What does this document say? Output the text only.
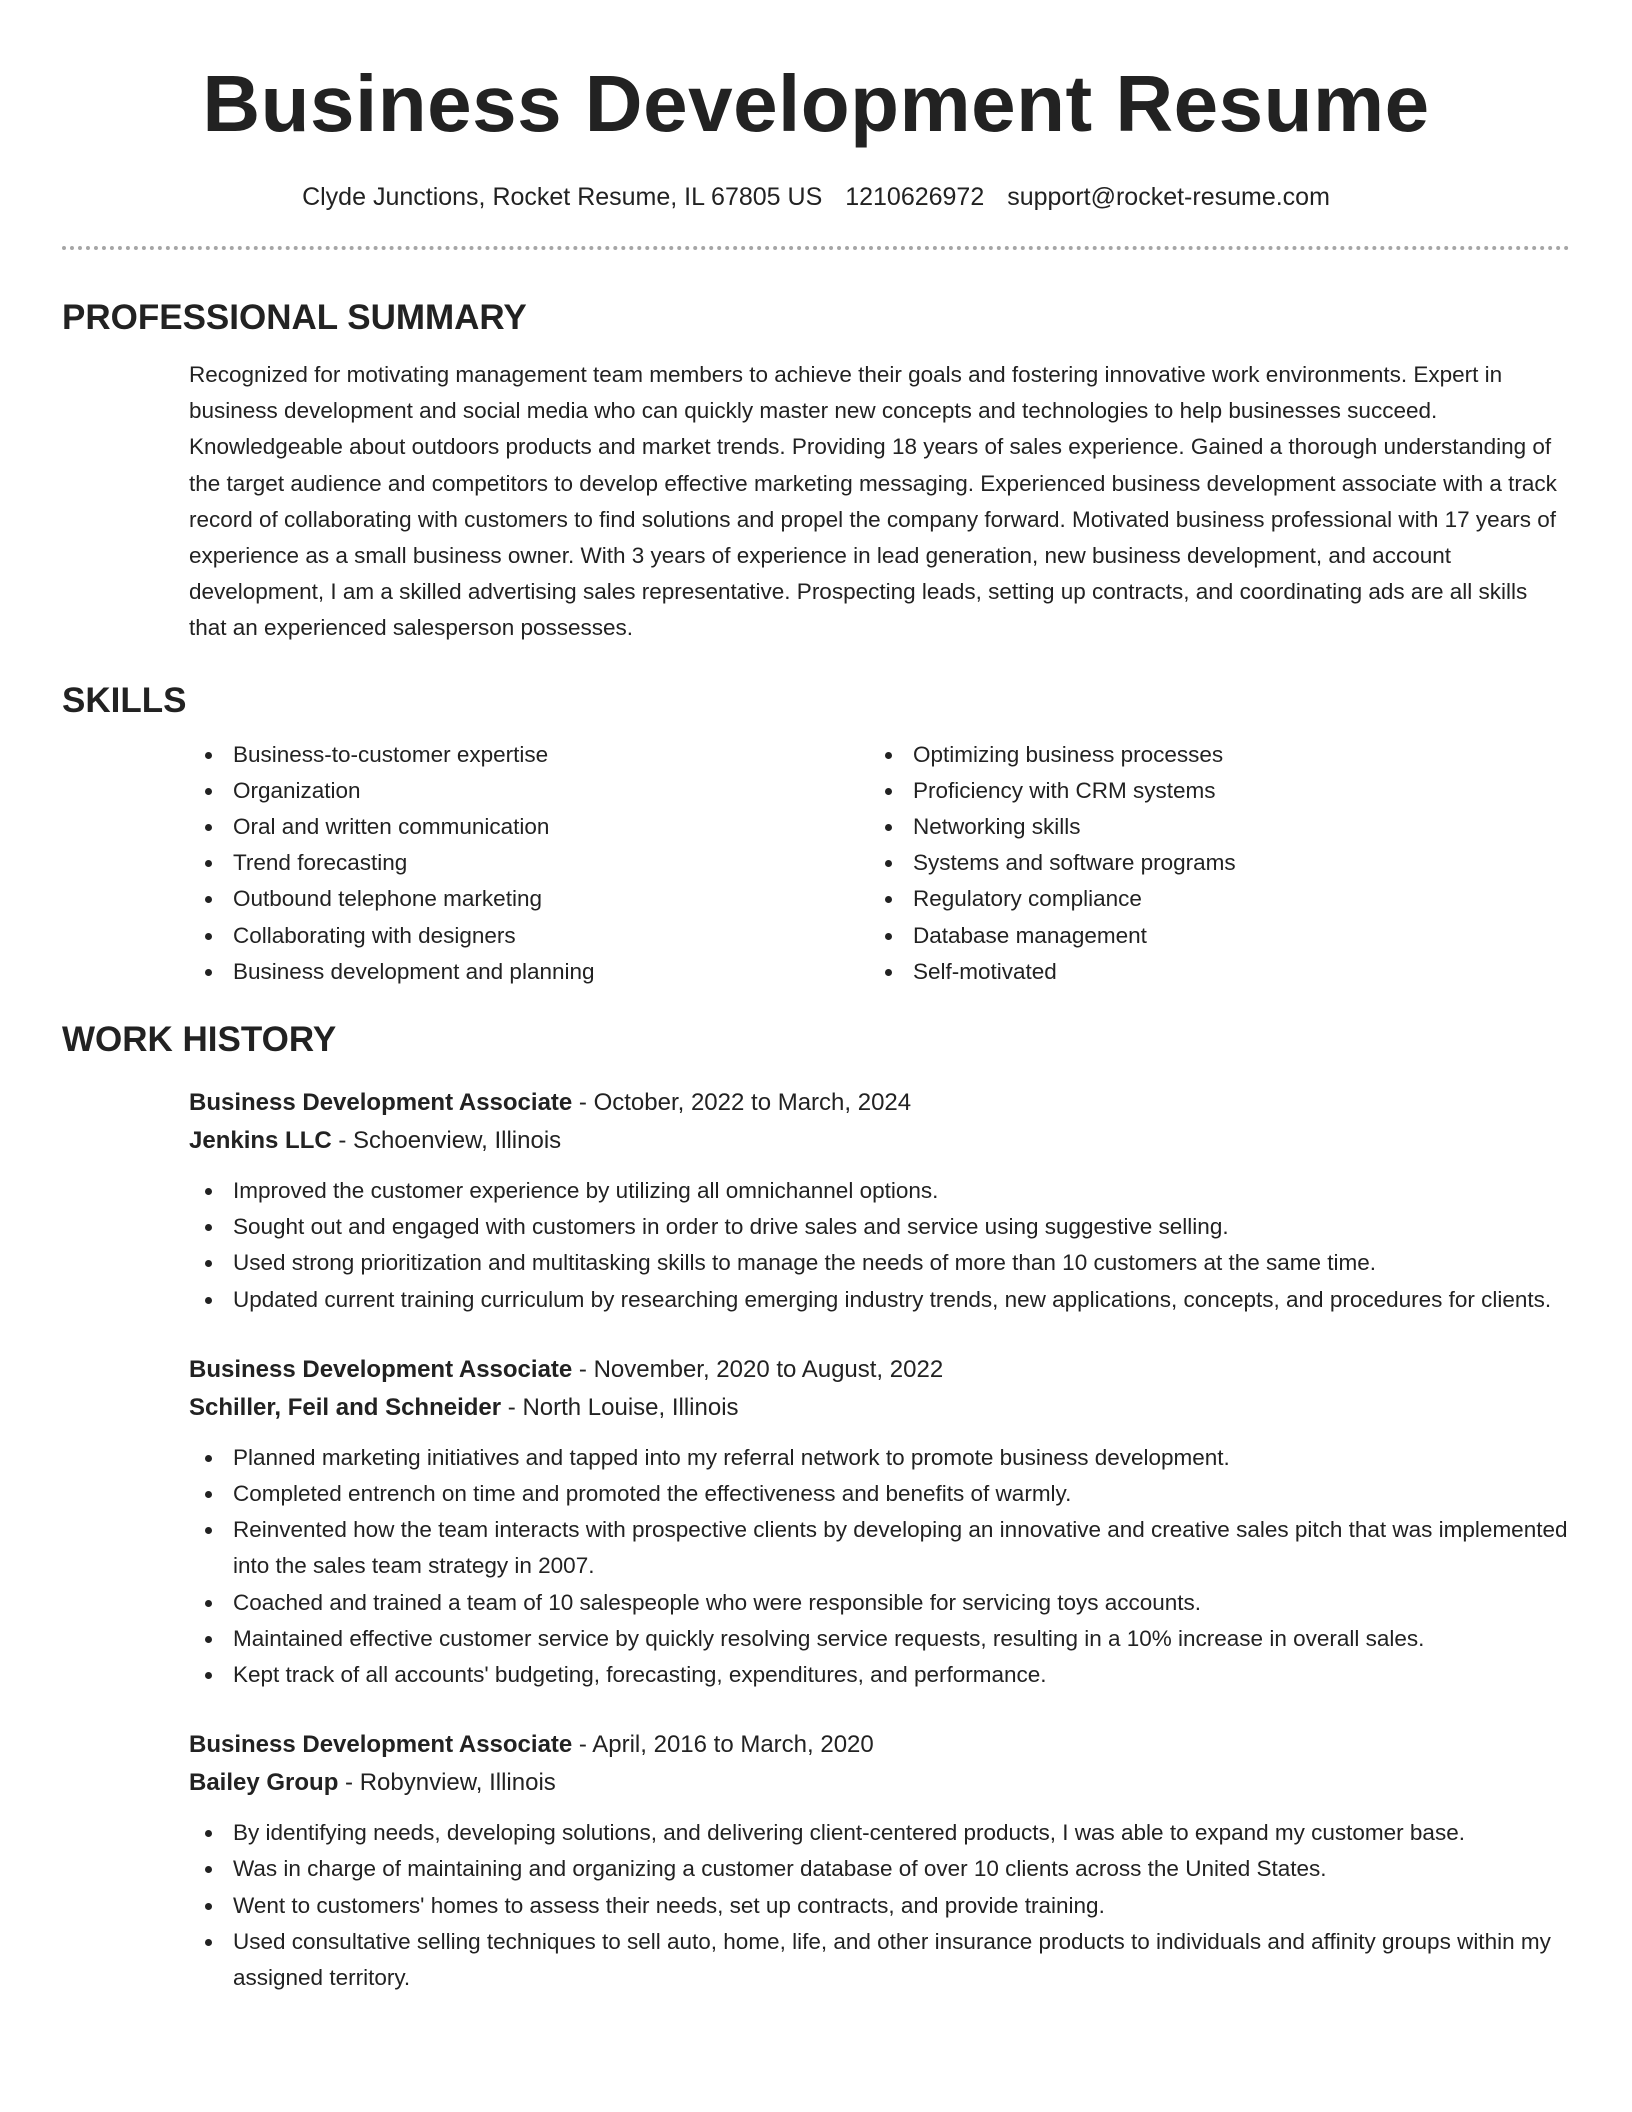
Business Development Resume
Clyde Junctions, Rocket Resume, IL 67805 US 1210626972 support@rocket-resume.com
PROFESSIONAL SUMMARY

Recognized for motivating management team members to achieve their goals and fostering innovative work environments. Expert in business development and social media who can quickly master new concepts and technologies to help businesses succeed. Knowledgeable about outdoors products and market trends. Providing 18 years of sales experience. Gained a thorough understanding of the target audience and competitors to develop effective marketing messaging. Experienced business development associate with a track record of collaborating with customers to find solutions and propel the company forward. Motivated business professional with 17 years of experience as a small business owner. With 3 years of experience in lead generation, new business development, and account development, I am a skilled advertising sales representative. Prospecting leads, setting up contracts, and coordinating ads are all skills that an experienced salesperson possesses.

SKILLS
Business-to-customer expertise
Organization
Oral and written communication
Trend forecasting
Outbound telephone marketing
Collaborating with designers
Business development and planning
Optimizing business processes
Proficiency with CRM systems
Networking skills
Systems and software programs
Regulatory compliance
Database management
Self-motivated
WORK HISTORY
Business Development Associate - October, 2022 to March, 2024
Jenkins LLC - Schoenview, Illinois
Improved the customer experience by utilizing all omnichannel options.
Sought out and engaged with customers in order to drive sales and service using suggestive selling.
Used strong prioritization and multitasking skills to manage the needs of more than 10 customers at the same time.
Updated current training curriculum by researching emerging industry trends, new applications, concepts, and procedures for clients.
Business Development Associate - November, 2020 to August, 2022
Schiller, Feil and Schneider - North Louise, Illinois
Planned marketing initiatives and tapped into my referral network to promote business development.
Completed entrench on time and promoted the effectiveness and benefits of warmly.
Reinvented how the team interacts with prospective clients by developing an innovative and creative sales pitch that was implemented into the sales team strategy in 2007.
Coached and trained a team of 10 salespeople who were responsible for servicing toys accounts.
Maintained effective customer service by quickly resolving service requests, resulting in a 10% increase in overall sales.
Kept track of all accounts' budgeting, forecasting, expenditures, and performance.
Business Development Associate - April, 2016 to March, 2020
Bailey Group - Robynview, Illinois
By identifying needs, developing solutions, and delivering client-centered products, I was able to expand my customer base.
Was in charge of maintaining and organizing a customer database of over 10 clients across the United States.
Went to customers' homes to assess their needs, set up contracts, and provide training.
Used consultative selling techniques to sell auto, home, life, and other insurance products to individuals and affinity groups within my assigned territory.
